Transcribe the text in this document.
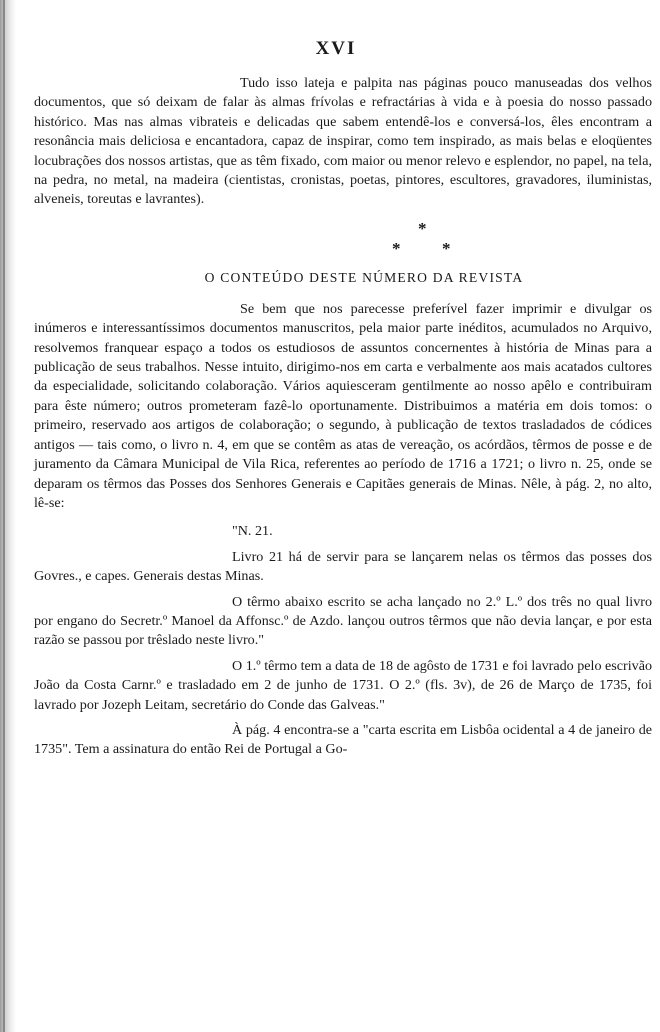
XVI

Tudo isso lateja e palpita nas páginas pouco manuseadas dos velhos documentos, que só deixam de falar às almas frívolas e refractárias à vida e à poesia do nosso passado histórico. Mas nas almas vibrateis e delicadas que sabem entendê-los e conversá-los, êles encontram a resonância mais deliciosa e encantadora, capaz de inspirar, como tem inspirado, as mais belas e eloqüentes locubrações dos nossos artistas, que as têm fixado, com maior ou menor relevo e esplendor, no papel, na tela, na pedra, no metal, na madeira (cientistas, cronistas, poetas, pintores, escultores, gravadores, iluministas, alveneis, toreutas e lavrantes).

*
* *
O CONTEÚDO DESTE NÚMERO DA REVISTA

Se bem que nos parecesse preferível fazer imprimir e divulgar os inúmeros e interessantíssimos documentos manuscritos, pela maior parte inéditos, acumulados no Arquivo, resolvemos franquear espaço a todos os estudiosos de assuntos concernentes à história de Minas para a publicação de seus trabalhos. Nesse intuito, dirigimo-nos em carta e verbalmente aos mais acatados cultores da especialidade, solicitando colaboração. Vários aquiesceram gentilmente ao nosso apêlo e contribuiram para êste número; outros prometeram fazê-lo oportunamente. Distribuimos a matéria em dois tomos: o primeiro, reservado aos artigos de colaboração; o segundo, à publicação de textos trasladados de códices antigos — tais como, o livro n. 4, em que se contêm as atas de vereação, os acórdãos, têrmos de posse e de juramento da Câmara Municipal de Vila Rica, referentes ao período de 1716 a 1721; o livro n. 25, onde se deparam os têrmos das Posses dos Senhores Generais e Capitães generais de Minas. Nêle, à pág. 2, no alto, lê-se:

"N. 21.

Livro 21 há de servir para se lançarem nelas os têrmos das posses dos Govres., e capes. Generais destas Minas.

O têrmo abaixo escrito se acha lançado no 2.º L.º dos três no qual livro por engano do Secretr.º Manoel da Affonsc.º de Azdo. lançou outros têrmos que não devia lançar, e por esta razão se passou por trêslado neste livro."

O 1.º têrmo tem a data de 18 de agôsto de 1731 e foi lavrado pelo escrivão João da Costa Carnr.º e trasladado em 2 de junho de 1731. O 2.º (fls. 3v), de 26 de Março de 1735, foi lavrado por Jozeph Leitam, secretário do Conde das Galveas."

À pág. 4 encontra-se a "carta escrita em Lisbôa ocidental a 4 de janeiro de 1735". Tem a assinatura do então Rei de Portugal a Go-
